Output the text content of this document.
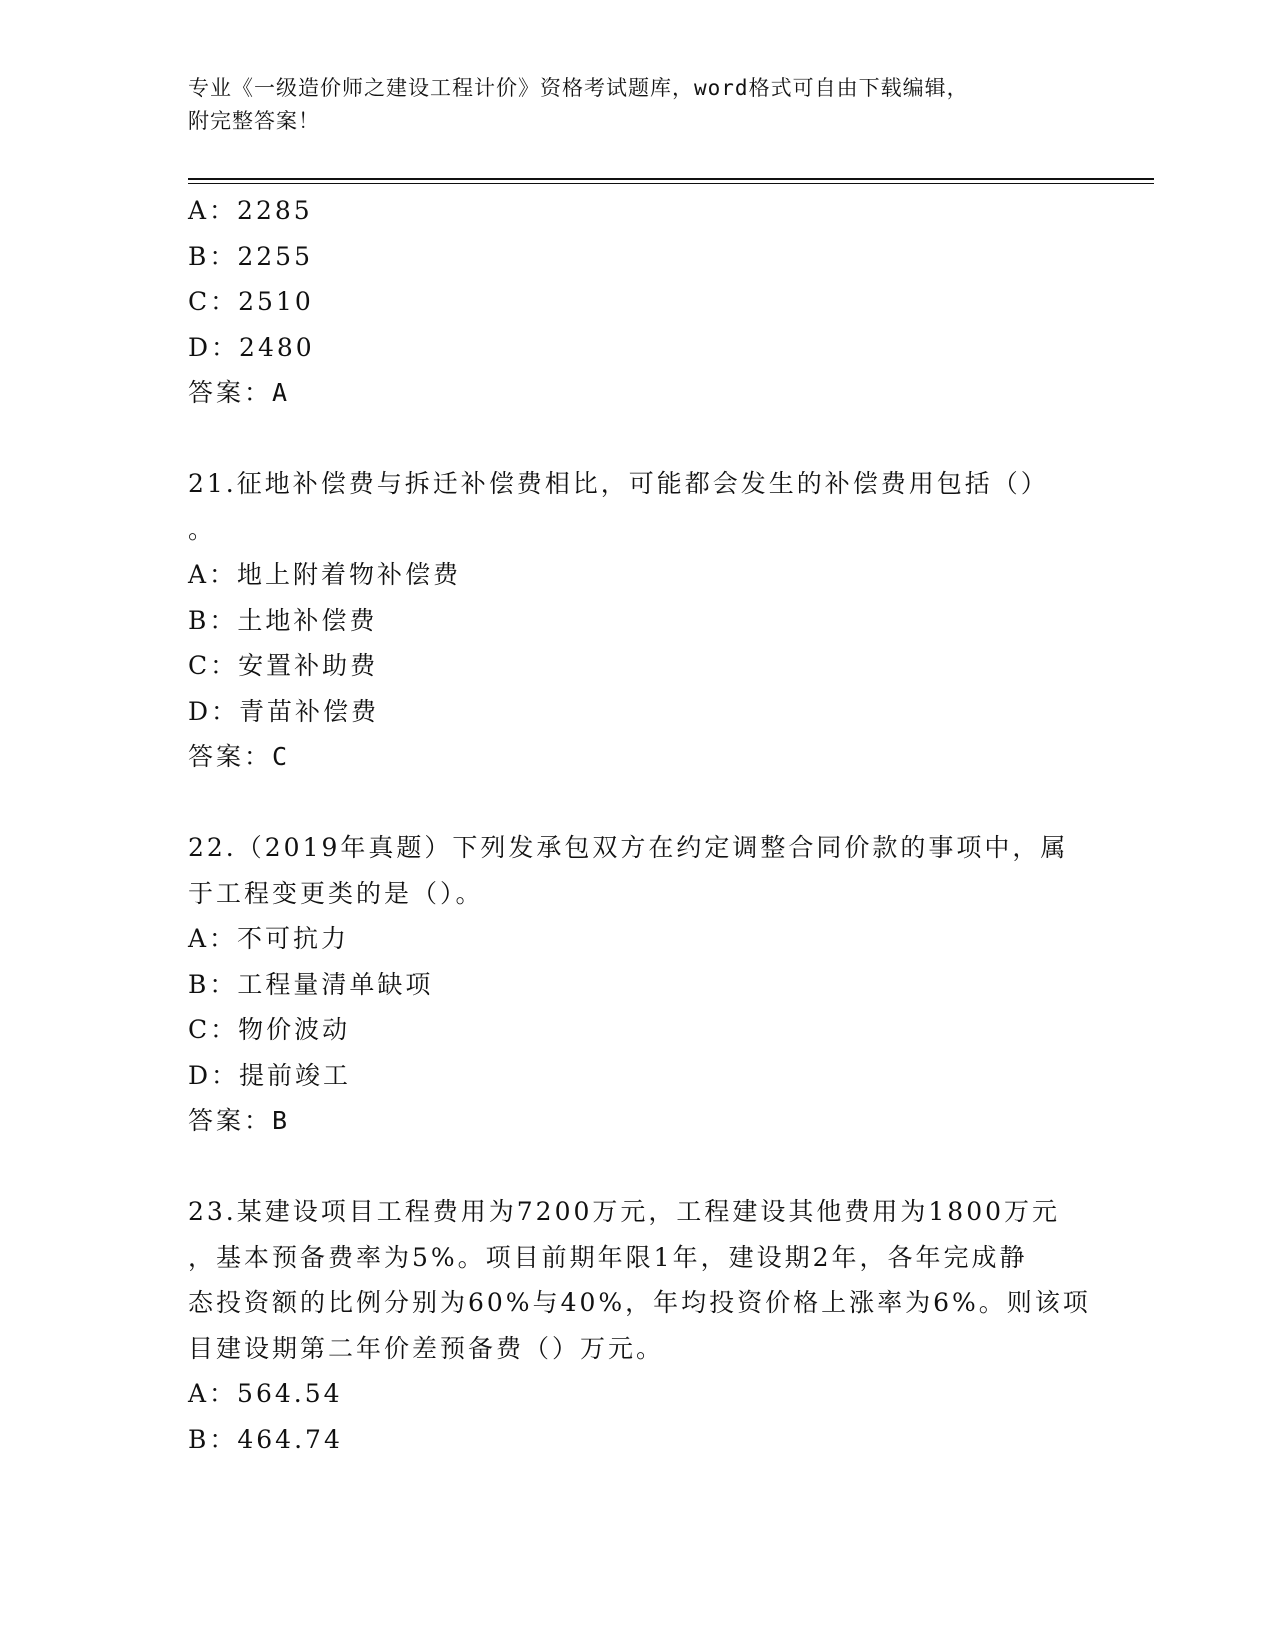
专业《一级造价师之建设工程计价》资格考试题库，word格式可自由下载编辑，
附完整答案！
A：2285
B：2255
C：2510
D：2480
答案：A
21.征地补偿费与拆迁补偿费相比，可能都会发生的补偿费用包括（）
。
A：地上附着物补偿费
B：土地补偿费
C：安置补助费
D：青苗补偿费
答案：C
22.（2019年真题）下列发承包双方在约定调整合同价款的事项中，属
于工程变更类的是（）。
A：不可抗力
B：工程量清单缺项
C：物价波动
D：提前竣工
答案：B
23.某建设项目工程费用为7200万元，工程建设其他费用为1800万元
，基本预备费率为5%。项目前期年限1年，建设期2年，各年完成静
态投资额的比例分别为60%与40%，年均投资价格上涨率为6%。则该项
目建设期第二年价差预备费（）万元。
A：564.54
B：464.74
